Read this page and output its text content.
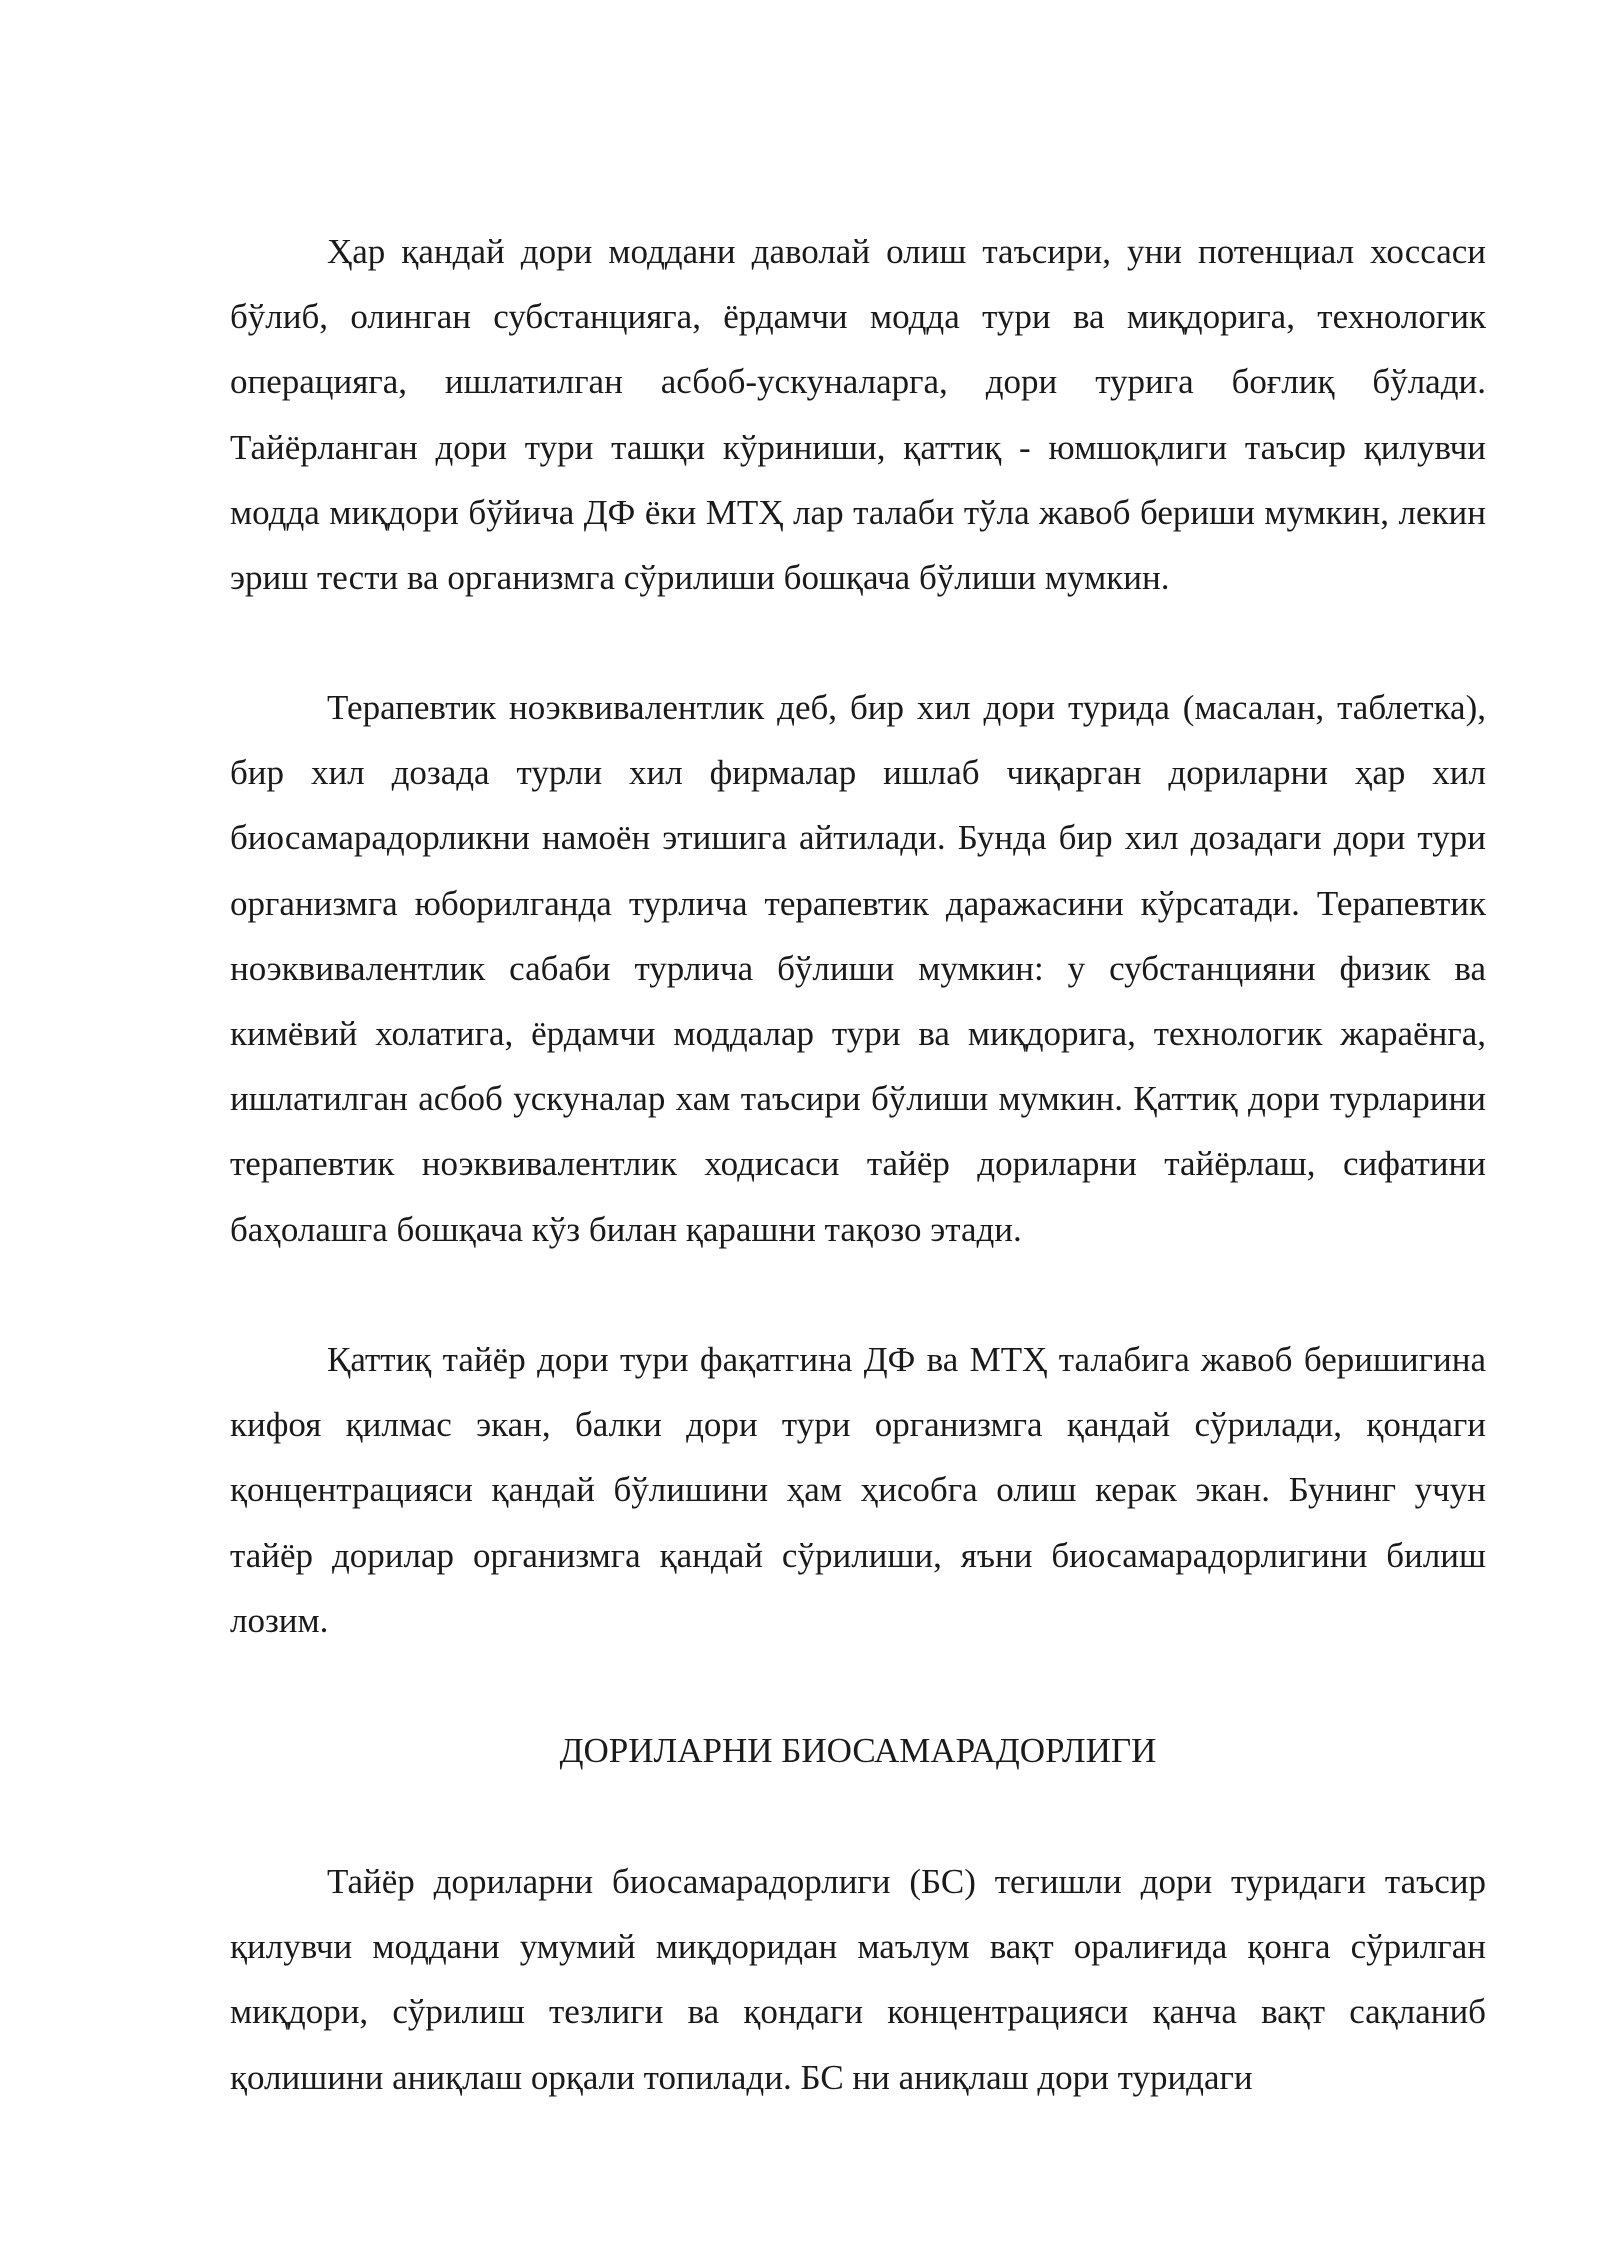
Ҳар қандай дори моддани даволай олиш таъсири, уни потенциал хоссаси бўлиб, олинган субстанцияга, ёрдамчи модда тури ва миқдорига, технологик операцияга, ишлатилган асбоб-ускуналарга, дори турига боғлиқ бўлади. Тайёрланган дори тури ташқи кўриниши, қаттиқ - юмшоқлиги таъсир қилувчи модда миқдори бўйича ДФ ёки МТҲ лар талаби тўла жавоб бериши мумкин, лекин эриш тести ва организмга сўрилиши бошқача бўлиши мумкин.

Терапевтик ноэквивалентлик деб, бир хил дори турида (масалан, таблетка), бир хил дозада турли хил фирмалар ишлаб чиқарган дориларни ҳар хил биосамарадорликни намоён этишига айтилади. Бунда бир хил дозадаги дори тури организмга юборилганда турлича терапевтик даражасини кўрсатади. Терапевтик ноэквивалентлик сабаби турлича бўлиши мумкин: у субстанцияни физик ва кимёвий холатига, ёрдамчи моддалар тури ва миқдорига, технологик жараёнга, ишлатилган асбоб ускуналар хам таъсири бўлиши мумкин. Қаттиқ дори турларини терапевтик ноэквивалентлик ходисаси тайёр дориларни тайёрлаш, сифатини баҳолашга бошқача кўз билан қарашни тақозо этади.

Қаттиқ тайёр дори тури фақатгина ДФ ва МТҲ талабига жавоб беришигина кифоя қилмас экан, балки дори тури организмга қандай сўрилади, қондаги қонцентрацияси қандай бўлишини ҳам ҳисобга олиш керак экан. Бунинг учун тайёр дорилар организмга қандай сўрилиши, яъни биосамарадорлигини билиш лозим.

ДОРИЛАРНИ БИОСАМАРАДОРЛИГИ

Тайёр дориларни биосамарадорлиги (БС) тегишли дори туридаги таъсир қилувчи моддани умумий миқдоридан маълум вақт оралиғида қонга сўрилган миқдори, сўрилиш тезлиги ва қондаги концентрацияси қанча вақт сақланиб қолишини аниқлаш орқали топилади. БС ни аниқлаш дори туридаги
